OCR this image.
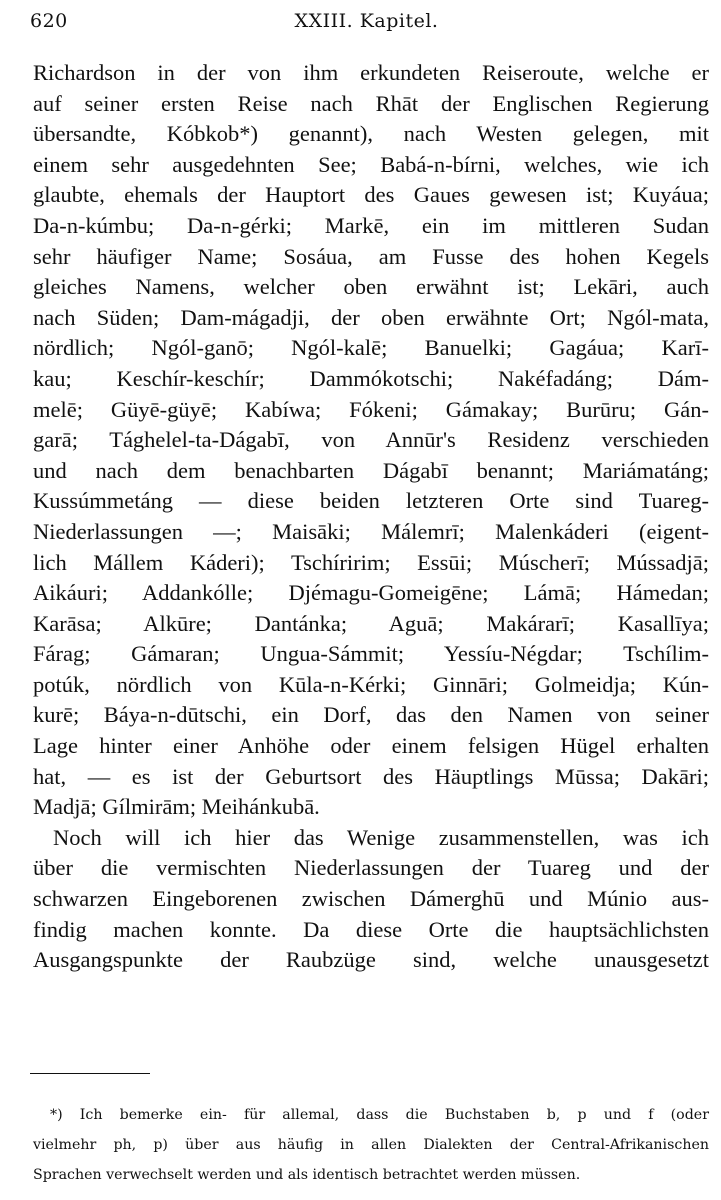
620	XXIII. Kapitel.
Richardson in der von ihm erkundeten Reiseroute, welche er
auf seiner ersten Reise nach Rhāt der Englischen Regierung
übersandte, Kóbkob*) genannt), nach Westen gelegen, mit
einem sehr ausgedehnten See; Babá-n-bírni, welches, wie ich
glaubte, ehemals der Hauptort des Gaues gewesen ist; Kuyáua;
Da-n-kúmbu; Da-n-gérki; Markē, ein im mittleren Sudan
sehr häufiger Name; Sosáua, am Fusse des hohen Kegels
gleiches Namens, welcher oben erwähnt ist; Lekāri, auch
nach Süden; Dam-mágadji, der oben erwähnte Ort; Ngól-mata,
nördlich; Ngól-ganō; Ngól-kalē; Banuelki; Gagáua; Karī-
kau; Keschír-keschír; Dammókotschi; Nakéfadáng; Dám-
melē; Güyē-güyē; Kabíwa; Fókeni; Gámakay; Burūru; Gán-
garā; Tághelel-ta-Dágabī, von Annūr's Residenz verschieden
und nach dem benachbarten Dágabī benannt; Mariámatáng;
Kussúmmetáng — diese beiden letzteren Orte sind Tuareg-
Niederlassungen —; Maisāki; Málemrī; Malenkáderi (eigent-
lich Mállem Káderi); Tschíririm; Essūi; Múscherī; Mússadjā;
Aikáuri; Addankólle; Djémagu-Gomeigēne; Lámā; Hámedan;
Karāsa; Alkūre; Dantánka; Aguā; Makárarī; Kasallīya;
Fárag; Gámaran; Ungua-Sámmit; Yessíu-Négdar; Tschílim-
potúk, nördlich von Kūla-n-Kérki; Ginnāri; Golmeidja; Kún-
kurē; Báya-n-dūtschi, ein Dorf, das den Namen von seiner
Lage hinter einer Anhöhe oder einem felsigen Hügel erhalten
hat, — es ist der Geburtsort des Häuptlings Mūssa; Dakāri;
Madjā; Gílmirām; Meihánkubā.
Noch will ich hier das Wenige zusammenstellen, was ich
über die vermischten Niederlassungen der Tuareg und der
schwarzen Eingeborenen zwischen Dámerghū und Múnio aus-
findig machen konnte. Da diese Orte die hauptsächlichsten
Ausgangspunkte der Raubzüge sind, welche unausgesetzt
*) Ich bemerke ein- für allemal, dass die Buchstaben b, p und f (oder
vielmehr ph, p) über aus häufig in allen Dialekten der Central-Afrikanischen
Sprachen verwechselt werden und als identisch betrachtet werden müssen.
